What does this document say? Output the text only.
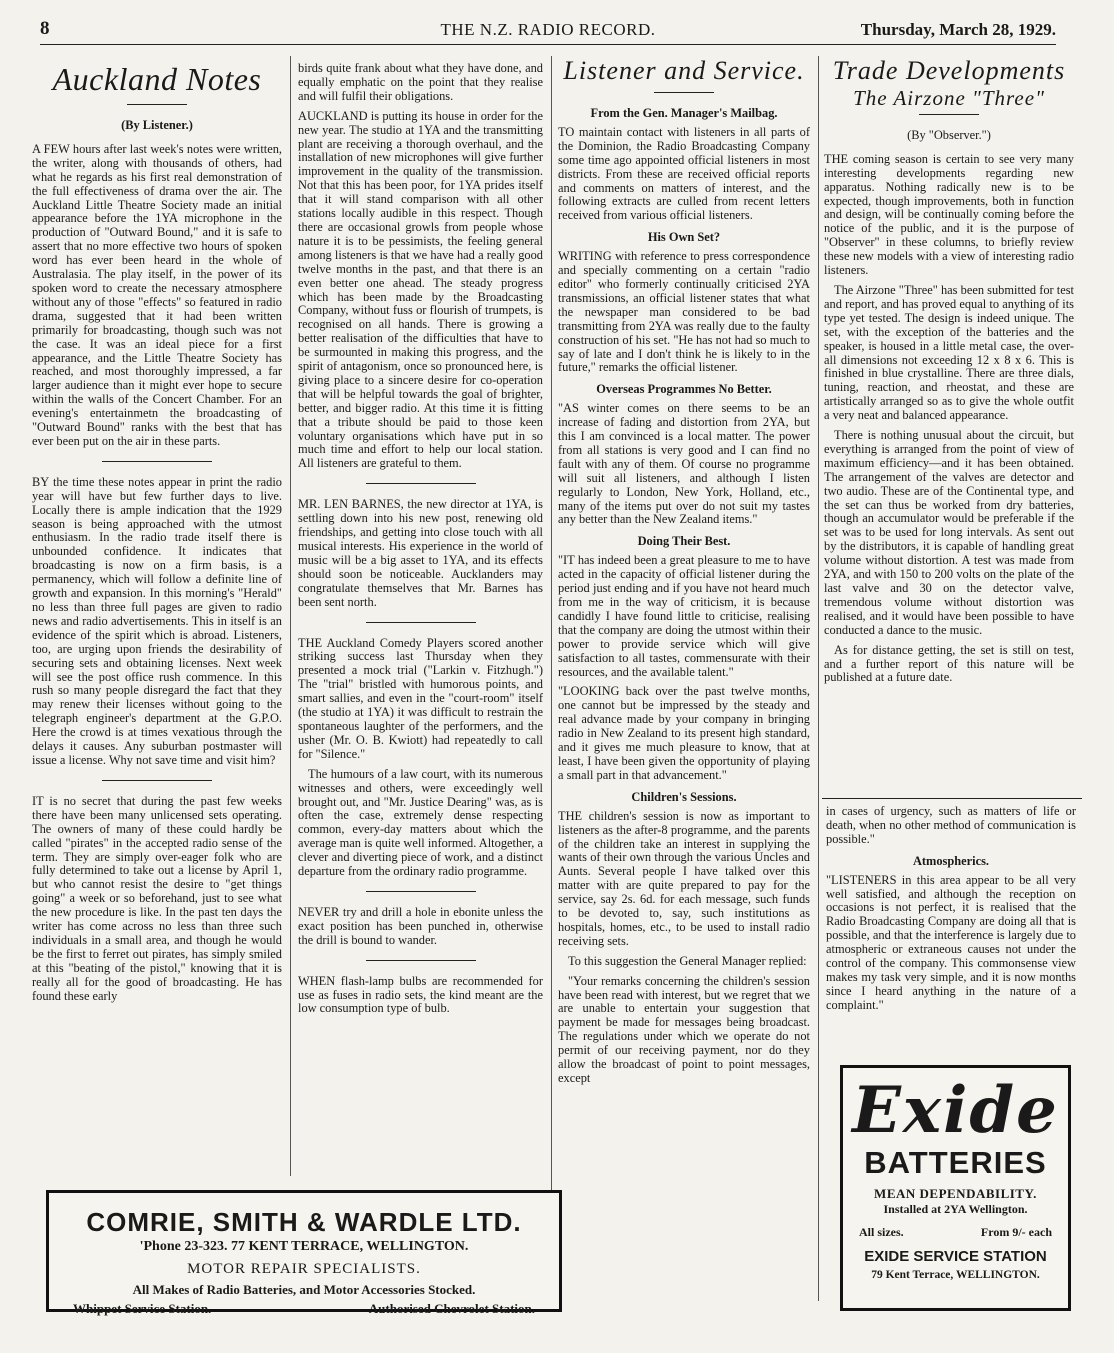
8	THE N.Z. RADIO RECORD.	Thursday, March 28, 1929.
Auckland Notes
(By Listener.)

A FEW hours after last week's notes were written, the writer, along with thousands of others, had what he regards as his first real demonstration of the full effectiveness of drama over the air. The Auckland Little Theatre Society made an initial appearance before the 1YA microphone in the production of "Outward Bound," and it is safe to assert that no more effective two hours of spoken word has ever been heard in the whole of Australasia. The play itself, in the power of its spoken word to create the necessary atmosphere without any of those "effects" so featured in radio drama, suggested that it had been written primarily for broadcasting, though such was not the case. It was an ideal piece for a first appearance, and the Little Theatre Society has reached, and most thoroughly impressed, a far larger audience than it might ever hope to secure within the walls of the Concert Chamber. For an evening's entertainmetn the broadcasting of "Outward Bound" ranks with the best that has ever been put on the air in these parts.

BY the time these notes appear in print the radio year will have but few further days to live. Locally there is ample indication that the 1929 season is being approached with the utmost enthusiasm. In the radio trade itself there is unbounded confidence. It indicates that broadcasting is now on a firm basis, is a permanency, which will follow a definite line of growth and expansion. In this morning's "Herald" no less than three full pages are given to radio news and radio advertisements. This in itself is an evidence of the spirit which is abroad. Listeners, too, are urging upon friends the desirability of securing sets and obtaining licenses. Next week will see the post office rush commence. In this rush so many people disregard the fact that they may renew their licenses without going to the telegraph engineer's department at the G.P.O. Here the crowd is at times vexatious through the delays it causes. Any suburban postmaster will issue a license. Why not save time and visit him?

IT is no secret that during the past few weeks there have been many unlicensed sets operating. The owners of many of these could hardly be called "pirates" in the accepted radio sense of the term. They are simply over-eager folk who are fully determined to take out a license by April 1, but who cannot resist the desire to "get things going" a week or so beforehand, just to see what the new procedure is like. In the past ten days the writer has come across no less than three such individuals in a small area, and though he would be the first to ferret out pirates, has simply smiled at this "beating of the pistol," knowing that it is really all for the good of broadcasting. He has found these early

birds quite frank about what they have done, and equally emphatic on the point that they realise and will fulfil their obligations.

AUCKLAND is putting its house in order for the new year. The studio at 1YA and the transmitting plant are receiving a thorough overhaul, and the installation of new microphones will give further improvement in the quality of the transmission. Not that this has been poor, for 1YA prides itself that it will stand comparison with all other stations locally audible in this respect. Though there are occasional growls from people whose nature it is to be pessimists, the feeling general among listeners is that we have had a really good twelve months in the past, and that there is an even better one ahead. The steady progress which has been made by the Broadcasting Company, without fuss or flourish of trumpets, is recognised on all hands. There is growing a better realisation of the difficulties that have to be surmounted in making this progress, and the spirit of antagonism, once so pronounced here, is giving place to a sincere desire for co-operation that will be helpful towards the goal of brighter, better, and bigger radio. At this time it is fitting that a tribute should be paid to those keen voluntary organisations which have put in so much time and effort to help our local station. All listeners are grateful to them.

MR. LEN BARNES, the new director at 1YA, is settling down into his new post, renewing old friendships, and getting into close touch with all musical interests. His experience in the world of music will be a big asset to 1YA, and its effects should soon be noticeable. Aucklanders may congratulate themselves that Mr. Barnes has been sent north.

THE Auckland Comedy Players scored another striking success last Thursday when they presented a mock trial ("Larkin v. Fitzhugh.") The "trial" bristled with humorous points, and smart sallies, and even in the "court-room" itself (the studio at 1YA) it was difficult to restrain the spontaneous laughter of the performers, and the usher (Mr. O. B. Kwiott) had repeatedly to call for "Silence."

The humours of a law court, with its numerous witnesses and others, were exceedingly well brought out, and "Mr. Justice Dearing" was, as is often the case, extremely dense respecting common, every-day matters about which the average man is quite well informed. Altogether, a clever and diverting piece of work, and a distinct departure from the ordinary radio programme.

NEVER try and drill a hole in ebonite unless the exact position has been punched in, otherwise the drill is bound to wander.

WHEN flash-lamp bulbs are recommended for use as fuses in radio sets, the kind meant are the low consumption type of bulb.

Listener and Service.
From the Gen. Manager's Mailbag.

TO maintain contact with listeners in all parts of the Dominion, the Radio Broadcasting Company some time ago appointed official listeners in most districts. From these are received official reports and comments on matters of interest, and the following extracts are culled from recent letters received from various official listeners.

His Own Set?

WRITING with reference to press correspondence and specially commenting on a certain "radio editor" who formerly continually criticised 2YA transmissions, an official listener states that what the newspaper man considered to be bad transmitting from 2YA was really due to the faulty construction of his set. "He has not had so much to say of late and I don't think he is likely to in the future," remarks the official listener.

Overseas Programmes No Better.

"AS winter comes on there seems to be an increase of fading and distortion from 2YA, but this I am convinced is a local matter. The power from all stations is very good and I can find no fault with any of them. Of course no programme will suit all listeners, and although I listen regularly to London, New York, Holland, etc., many of the items put over do not suit my tastes any better than the New Zealand items."

Doing Their Best.

"IT has indeed been a great pleasure to me to have acted in the capacity of official listener during the period just ending and if you have not heard much from me in the way of criticism, it is because candidly I have found little to criticise, realising that the company are doing the utmost within their power to provide service which will give satisfaction to all tastes, commensurate with their resources, and the available talent."

"LOOKING back over the past twelve months, one cannot but be impressed by the steady and real advance made by your company in bringing radio in New Zealand to its present high standard, and it gives me much pleasure to know, that at least, I have been given the opportunity of playing a small part in that advancement."

Children's Sessions.

THE children's session is now as important to listeners as the after-8 programme, and the parents of the children take an interest in supplying the wants of their own through the various Uncles and Aunts. Several people I have talked over this matter with are quite prepared to pay for the service, say 2s. 6d. for each message, such funds to be devoted to, say, such institutions as hospitals, homes, etc., to be used to install radio receiving sets.

To this suggestion the General Manager replied:

"Your remarks concerning the children's session have been read with interest, but we regret that we are unable to entertain your suggestion that payment be made for messages being broadcast. The regulations under which we operate do not permit of our receiving payment, nor do they allow the broadcast of point to point messages, except

Trade Developments
The Airzone "Three"
(By "Observer.")

THE coming season is certain to see very many interesting developments regarding new apparatus. Nothing radically new is to be expected, though improvements, both in function and design, will be continually coming before the notice of the public, and it is the purpose of "Observer" in these columns, to briefly review these new models with a view of interesting radio listeners.

The Airzone "Three" has been submitted for test and report, and has proved equal to anything of its type yet tested. The design is indeed unique. The set, with the exception of the batteries and the speaker, is housed in a little metal case, the over-all dimensions not exceeding 12 x 8 x 6. This is finished in blue crystalline. There are three dials, tuning, reaction, and rheostat, and these are artistically arranged so as to give the whole outfit a very neat and balanced appearance.

There is nothing unusual about the circuit, but everything is arranged from the point of view of maximum efficiency—and it has been obtained. The arrangement of the valves are detector and two audio. These are of the Continental type, and the set can thus be worked from dry batteries, though an accumulator would be preferable if the set was to be used for long intervals. As sent out by the distributors, it is capable of handling great volume without distortion. A test was made from 2YA, and with 150 to 200 volts on the plate of the last valve and 30 on the detector valve, tremendous volume without distortion was realised, and it would have been possible to have conducted a dance to the music.

As for distance getting, the set is still on test, and a further report of this nature will be published at a future date.

in cases of urgency, such as matters of life or death, when no other method of communication is possible."

Atmospherics.

"LISTENERS in this area appear to be all very well satisfied, and although the reception on occasions is not perfect, it is realised that the Radio Broadcasting Company are doing all that is possible, and that the interference is largely due to atmospheric or extraneous causes not under the control of the company. This commonsense view makes my task very simple, and it is now months since I heard anything in the nature of a complaint."

COMRIE, SMITH & WARDLE LTD.
'Phone 23-323. 77 KENT TERRACE, WELLINGTON.
MOTOR REPAIR SPECIALISTS.
All Makes of Radio Batteries, and Motor Accessories Stocked.
Whippet Service Station.	Authorised Chevrolet Station.
Exide
BATTERIES
MEAN DEPENDABILITY.
Installed at 2YA Wellington.
All sizes.	From 9/- each
EXIDE SERVICE STATION
79 Kent Terrace, WELLINGTON.
